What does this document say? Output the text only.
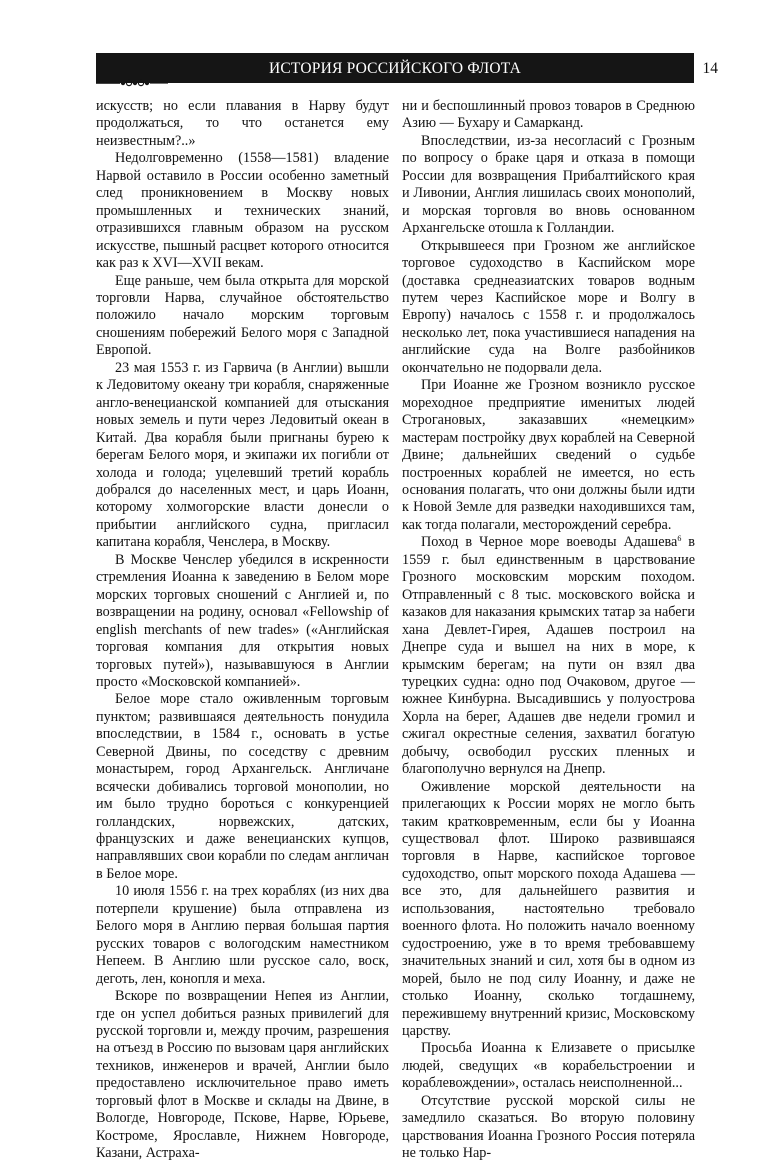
ИСТОРИЯ РОССИЙСКОГО ФЛОТА	14

искусств; но если плавания в Нарву будут продолжаться, то что останется ему неизвестным?..»

Недолговременно (1558—1581) владение Нарвой оставило в России особенно заметный след проникновением в Москву новых промышленных и технических знаний, отразившихся главным образом на русском искусстве, пышный расцвет которого относится как раз к XVI—XVII векам.

Еще раньше, чем была открыта для морской торговли Нарва, случайное обстоятельство положило начало морским торговым сношениям побережий Белого моря с Западной Европой.

23 мая 1553 г. из Гарвича (в Англии) вышли к Ледовитому океану три корабля, снаряженные англо-венецианской компанией для отыскания новых земель и пути через Ледовитый океан в Китай. Два корабля были пригнаны бурею к берегам Белого моря, и экипажи их погибли от холода и голода; уцелевший третий корабль добрался до населенных мест, и царь Иоанн, которому холмогорские власти донесли о прибытии английского судна, пригласил капитана корабля, Ченслера, в Москву.

В Москве Ченслер убедился в искренности стремления Иоанна к заведению в Белом море морских торговых сношений с Англией и, по возвращении на родину, основал «Fellowship of english merchants of new trades» («Английская торговая компания для открытия новых торговых путей»), называвшуюся в Англии просто «Московской компанией».

Белое море стало оживленным торговым пунктом; развившаяся деятельность понудила впоследствии, в 1584 г., основать в устье Северной Двины, по соседству с древним монастырем, город Архангельск. Англичане всячески добивались торговой монополии, но им было трудно бороться с конкуренцией голландских, норвежских, датских, французских и даже венецианских купцов, направлявших свои корабли по следам англичан в Белое море.

10 июля 1556 г. на трех кораблях (из них два потерпели крушение) была отправлена из Белого моря в Англию первая большая партия русских товаров с вологодским наместником Непеем. В Англию шли русское сало, воск, деготь, лен, конопля и меха.

Вскоре по возвращении Непея из Англии, где он успел добиться разных привилегий для русской торговли и, между прочим, разрешения на отъезд в Россию по вызовам царя английских техников, инженеров и врачей, Англии было предоставлено исключительное право иметь торговый флот в Москве и склады на Двине, в Вологде, Новгороде, Пскове, Нарве, Юрьеве, Костроме, Ярославле, Нижнем Новгороде, Казани, Астраха-

ни и беспошлинный провоз товаров в Среднюю Азию — Бухару и Самарканд.

Впоследствии, из-за несогласий с Грозным по вопросу о браке царя и отказа в помощи России для возвращения Прибалтийского края и Ливонии, Англия лишилась своих монополий, и морская торговля во вновь основанном Архангельске отошла к Голландии.

Открывшееся при Грозном же английское торговое судоходство в Каспийском море (доставка среднеазиатских товаров водным путем через Каспийское море и Волгу в Европу) началось с 1558 г. и продолжалось несколько лет, пока участившиеся нападения на английские суда на Волге разбойников окончательно не подорвали дела.

При Иоанне же Грозном возникло русское мореходное предприятие именитых людей Строгановых, заказавших «немецким» мастерам постройку двух кораблей на Северной Двине; дальнейших сведений о судьбе построенных кораблей не имеется, но есть основания полагать, что они должны были идти к Новой Земле для разведки находившихся там, как тогда полагали, месторождений серебра.

Поход в Черное море воеводы Адашева$^6$ в 1559 г. был единственным в царствование Грозного московским морским походом. Отправленный с 8 тыс. московского войска и казаков для наказания крымских татар за набеги хана Девлет-Гирея, Адашев построил на Днепре суда и вышел на них в море, к крымским берегам; на пути он взял два турецких судна: одно под Очаковом, другое — южнее Кинбурна. Высадившись у полуострова Хорла на берег, Адашев две недели громил и сжигал окрестные селения, захватил богатую добычу, освободил русских пленных и благополучно вернулся на Днепр.

Оживление морской деятельности на прилегающих к России морях не могло быть таким кратковременным, если бы у Иоанна существовал флот. Широко развившаяся торговля в Нарве, каспийское торговое судоходство, опыт морского похода Адашева — все это, для дальнейшего развития и использования, настоятельно требовало военного флота. Но положить начало военному судостроению, уже в то время требовавшему значительных знаний и сил, хотя бы в одном из морей, было не под силу Иоанну, и даже не столько Иоанну, сколько тогдашнему, пережившему внутренний кризис, Московскому царству.

Просьба Иоанна к Елизавете о присылке людей, сведущих «в корабельстроении и кораблевождении», осталась неисполненной...

Отсутствие русской морской силы не замедлило сказаться. Во вторую половину царствования Иоанна Грозного Россия потеряла не только Нар-
